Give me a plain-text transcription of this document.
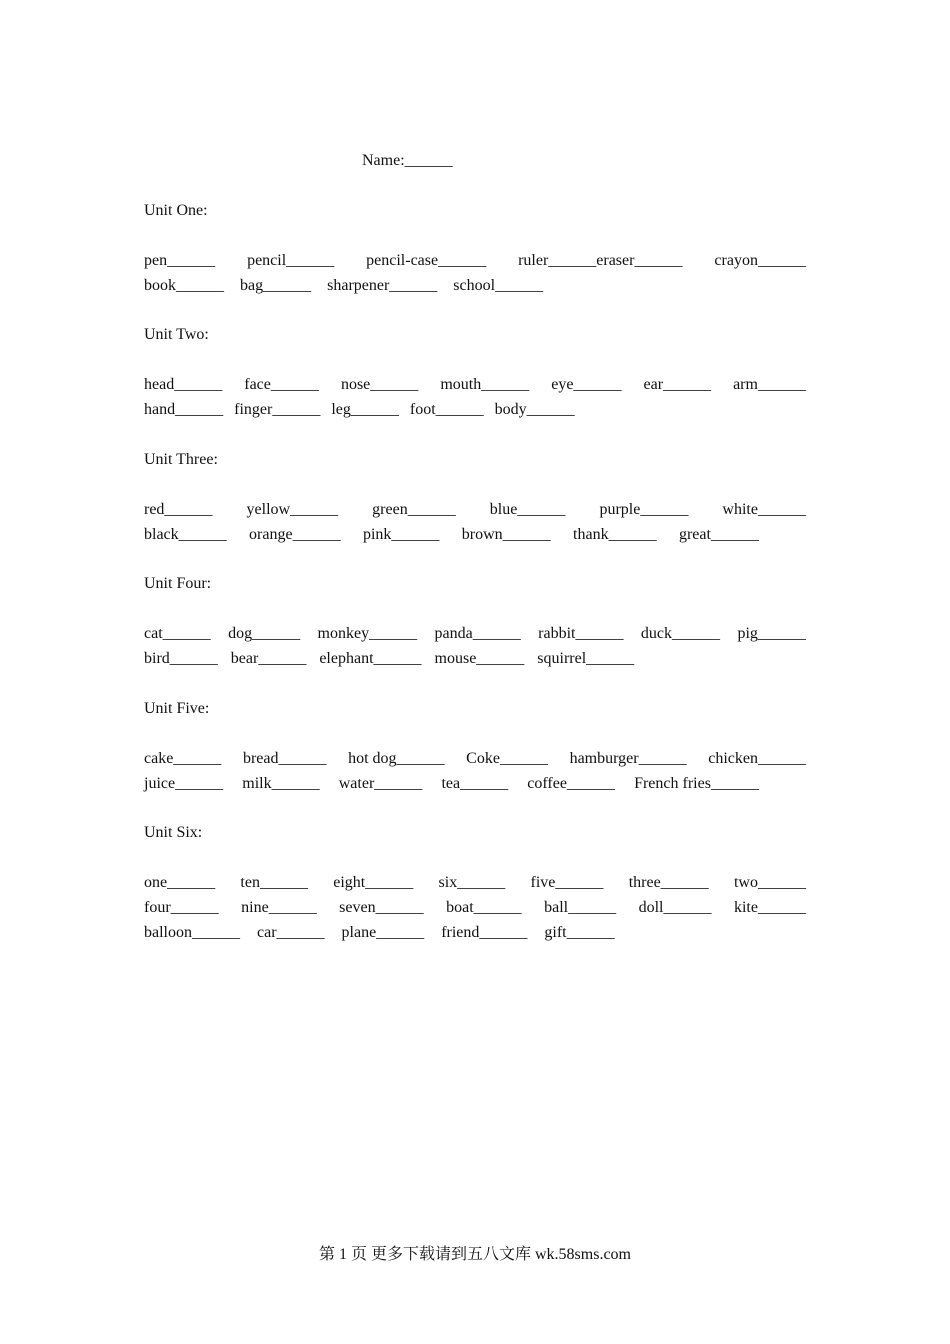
Name:______
Unit One:
pen______ pencil______ pencil-case______ ruler______eraser______ crayon______
book______ bag______ sharpener______ school______
Unit Two:
head______ face______ nose______ mouth______ eye______ ear______ arm______
hand______ finger______ leg______ foot______ body______
Unit Three:
red______ yellow______ green______ blue______ purple______ white______
black______ orange______ pink______ brown______ thank______ great______
Unit Four:
cat______ dog______ monkey______ panda______ rabbit______ duck______ pig______
bird______ bear______ elephant______ mouse______ squirrel______
Unit Five:
cake______ bread______ hot dog______ Coke______ hamburger______ chicken______
juice______ milk______ water______ tea______ coffee______ French fries______
Unit Six:
one______ ten______ eight______ six______ five______ three______ two______
four______ nine______ seven______ boat______ ball______ doll______ kite______
balloon______ car______ plane______ friend______ gift______
第 1 页 更多下载请到五八文库 wk.58sms.com
